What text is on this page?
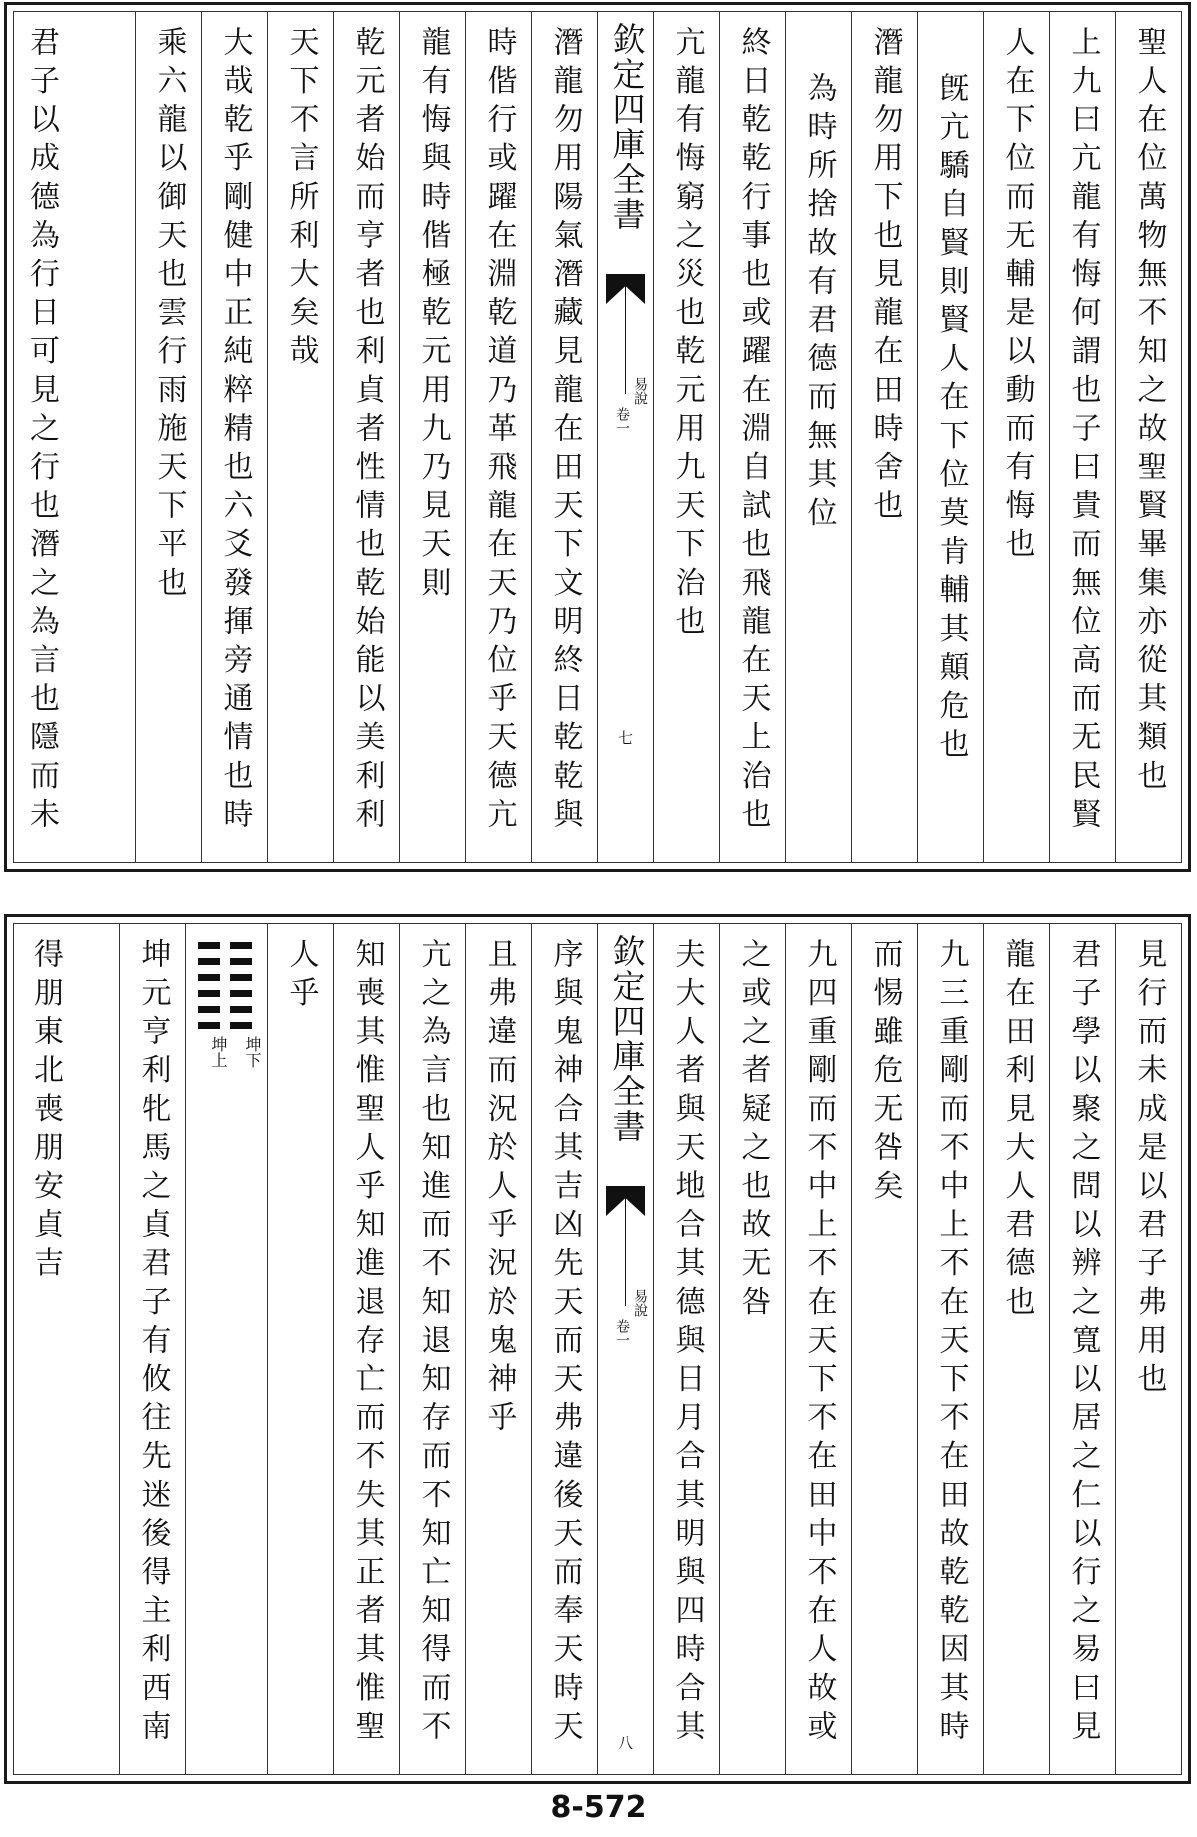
聖人在位萬物無不知之故聖賢畢集亦從其類也
上九曰亢龍有悔何謂也子曰貴而無位高而无民賢
人在下位而无輔是以動而有悔也
旣亢驕自賢則賢人在下位莫肯輔其顛危也
潛龍勿用下也見龍在田時舍也
為時所捨故有君德而無其位
終日乾乾行事也或躍在淵自試也飛龍在天上治也
亢龍有悔窮之災也乾元用九天下治也
欽定四庫全書
易說
卷一
七
潛龍勿用陽氣潛藏見龍在田天下文明終日乾乾與
時偕行或躍在淵乾道乃革飛龍在天乃位乎天德亢
龍有悔與時偕極乾元用九乃見天則
乾元者始而亨者也利貞者性情也乾始能以美利利
天下不言所利大矣哉
大哉乾乎剛健中正純粹精也六爻發揮旁通情也時
乘六龍以御天也雲行雨施天下平也
君子以成德為行日可見之行也潛之為言也隱而未
見行而未成是以君子弗用也
君子學以聚之問以辨之寬以居之仁以行之易曰見
龍在田利見大人君德也
九三重剛而不中上不在天下不在田故乾乾因其時
而惕雖危无咎矣
九四重剛而不中上不在天下不在田中不在人故或
之或之者疑之也故无咎
夫大人者與天地合其德與日月合其明與四時合其
欽定四庫全書
易說
卷一
八
序與鬼神合其吉凶先天而天弗違後天而奉天時天
且弗違而況於人乎況於鬼神乎
亢之為言也知進而不知退知存而不知亡知得而不
知喪其惟聖人乎知進退存亡而不失其正者其惟聖
人乎
坤下
坤上
坤元亨利牝馬之貞君子有攸往先迷後得主利西南
得朋東北喪朋安貞吉
8-572
